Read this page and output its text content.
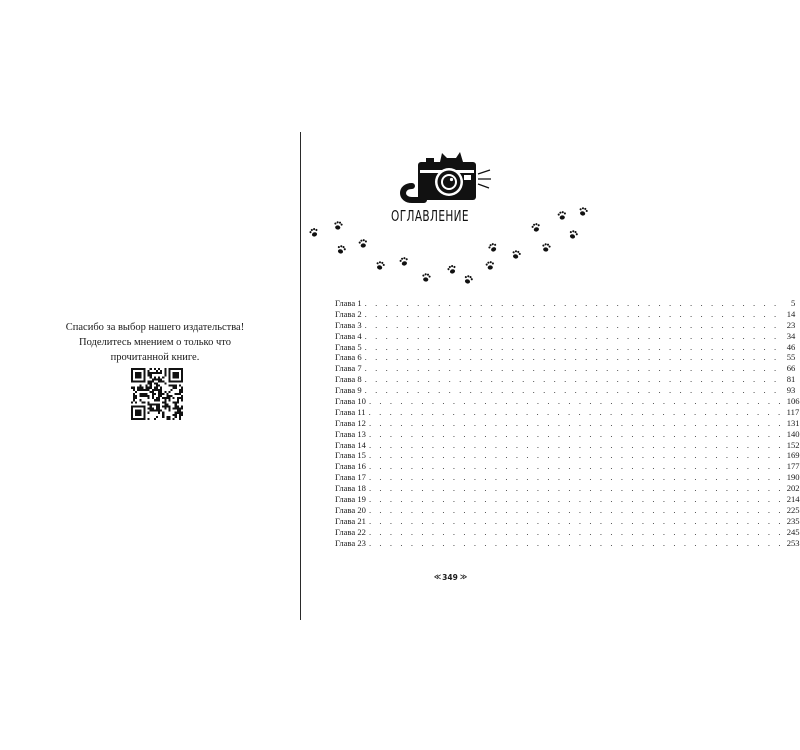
Спасибо за выбор нашего издательства!
Поделитесь мнением о только что
прочитанной книге.
ОГЛАВЛЕНИЕ
Глава 1 . . . . . . . . . . . . . . . . . . . . . . . . . . . . . . . . . . . . . . . .	5
Глава 2 . . . . . . . . . . . . . . . . . . . . . . . . . . . . . . . . . . . . . . . . 14
Глава 3 . . . . . . . . . . . . . . . . . . . . . . . . . . . . . . . . . . . . . . . . 23
Глава 4 . . . . . . . . . . . . . . . . . . . . . . . . . . . . . . . . . . . . . . . . 34
Глава 5 . . . . . . . . . . . . . . . . . . . . . . . . . . . . . . . . . . . . . . . . 46
Глава 6 . . . . . . . . . . . . . . . . . . . . . . . . . . . . . . . . . . . . . . . . 55
Глава 7 . . . . . . . . . . . . . . . . . . . . . . . . . . . . . . . . . . . . . . . . 66
Глава 8 . . . . . . . . . . . . . . . . . . . . . . . . . . . . . . . . . . . . . . . . 81
Глава 9 . . . . . . . . . . . . . . . . . . . . . . . . . . . . . . . . . . . . . . . . 93
Глава 10 . . . . . . . . . . . . . . . . . . . . . . . . . . . . . . . . . . . . . . . . 106
Глава 11 . . . . . . . . . . . . . . . . . . . . . . . . . . . . . . . . . . . . . . . . 117
Глава 12 . . . . . . . . . . . . . . . . . . . . . . . . . . . . . . . . . . . . . . . . 131
Глава 13 . . . . . . . . . . . . . . . . . . . . . . . . . . . . . . . . . . . . . . . . 140
Глава 14 . . . . . . . . . . . . . . . . . . . . . . . . . . . . . . . . . . . . . . . . 152
Глава 15 . . . . . . . . . . . . . . . . . . . . . . . . . . . . . . . . . . . . . . . . 169
Глава 16 . . . . . . . . . . . . . . . . . . . . . . . . . . . . . . . . . . . . . . . . 177
Глава 17 . . . . . . . . . . . . . . . . . . . . . . . . . . . . . . . . . . . . . . . . 190
Глава 18 . . . . . . . . . . . . . . . . . . . . . . . . . . . . . . . . . . . . . . . . 202
Глава 19 . . . . . . . . . . . . . . . . . . . . . . . . . . . . . . . . . . . . . . . . 214
Глава 20 . . . . . . . . . . . . . . . . . . . . . . . . . . . . . . . . . . . . . . . . 225
Глава 21 . . . . . . . . . . . . . . . . . . . . . . . . . . . . . . . . . . . . . . . . 235
Глава 22 . . . . . . . . . . . . . . . . . . . . . . . . . . . . . . . . . . . . . . . . 245
Глава 23 . . . . . . . . . . . . . . . . . . . . . . . . . . . . . . . . . . . . . . . . 253
≪ 349 ≫
